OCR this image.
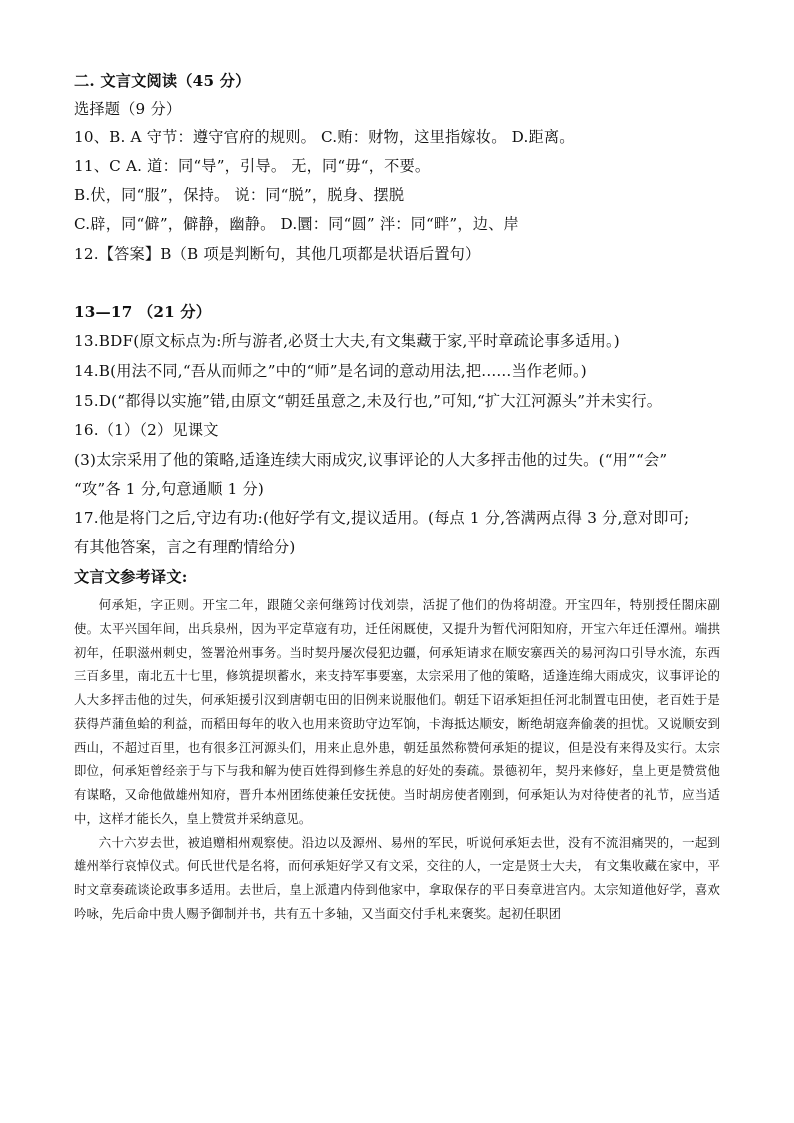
二. 文言文阅读（45 分）
选择题（9 分）
10、B. A 守节：遵守官府的规则。 C.贿：财物，这里指嫁妆。 D.距离。
11、C A. 道：同“导”，引导。 无，同“毋“，不要。
B.伏，同“服”，保持。 说：同“脱”，脱身、摆脱
C.辟，同“僻”，僻静，幽静。 D.圜：同“圆” 泮：同“畔”，边、岸
12.【答案】B（B 项是判断句，其他几项都是状语后置句）
13—17 （21 分）
13.BDF(原文标点为:所与游者,必贤士大夫,有文集藏于家,平时章疏论事多适用。)
14.B(用法不同,“吾从而师之”中的“师”是名词的意动用法,把......当作老师。)
15.D(“都得以实施”错,由原文“朝廷虽意之,未及行也,”可知,“扩大江河源头”并未实行。
16.（1）（2）见课文
(3)太宗采用了他的策略,适逢连续大雨成灾,议事评论的人大多抨击他的过失。(“用”“会”
“攻”各 1 分,句意通顺 1 分)
17.他是将门之后,守边有功:(他好学有文,提议适用。(每点 1 分,答满两点得 3 分,意对即可;
有其他答案，言之有理酌情给分)
文言文参考译文:

何承矩，字正则。开宝二年，跟随父亲何继筠讨伐刘崇，活捉了他们的伪将胡澄。开宝四年，特别授任閤床副使。太平兴国年间，出兵泉州，因为平定草寇有功，迁任闲厩使，又提升为暂代河阳知府，开宝六年迁任潭州。端拱初年，任职滋州刺史，签署沧州事务。当时契丹屡次侵犯边疆，何承矩请求在顺安寨西关的易河沟口引导水流，东西三百多里，南北五十七里，修筑提坝蓄水，来支持军事要塞，太宗采用了他的策略，适逢连绵大雨成灾，议事评论的人大多抨击他的过失，何承矩援引汉到唐朝屯田的旧例来说服他们。朝廷下诏承矩担任河北制置屯田使，老百姓于是获得芦蒲鱼蛤的利益，而稻田每年的收入也用来资助守边军饷，卡海抵达顺安，断绝胡寇奔偷袭的担忧。又说顺安到西山，不超过百里，也有很多江河源头们，用来止息外患，朝廷虽然称赞何承矩的提议，但是没有来得及实行。太宗即位，何承矩曾经亲于与下与我和解为使百姓得到修生养息的好处的奏疏。景德初年，契丹来修好，皇上更是赞赏他有谋略，又命他做雄州知府，晋升本州团练使兼任安抚使。当时胡房使者刚到，何承矩认为对待使者的礼节，应当适中，这样才能长久，皇上赞赏并采纳意见。

六十六岁去世，被追赠相州观察使。沿边以及源州、易州的军民，听说何承矩去世，没有不流泪痛哭的，一起到雄州举行哀悼仪式。何氏世代是名将，而何承矩好学又有文采，交往的人，一定是贤士大夫， 有文集收藏在家中，平时文章奏疏谈论政事多适用。去世后，皇上派遣内侍到他家中，拿取保存的平日奏章进宫内。太宗知道他好学，喜欢吟咏，先后命中贵人赐予御制并书，共有五十多轴，又当面交付手札来褒奖。起初任职团
